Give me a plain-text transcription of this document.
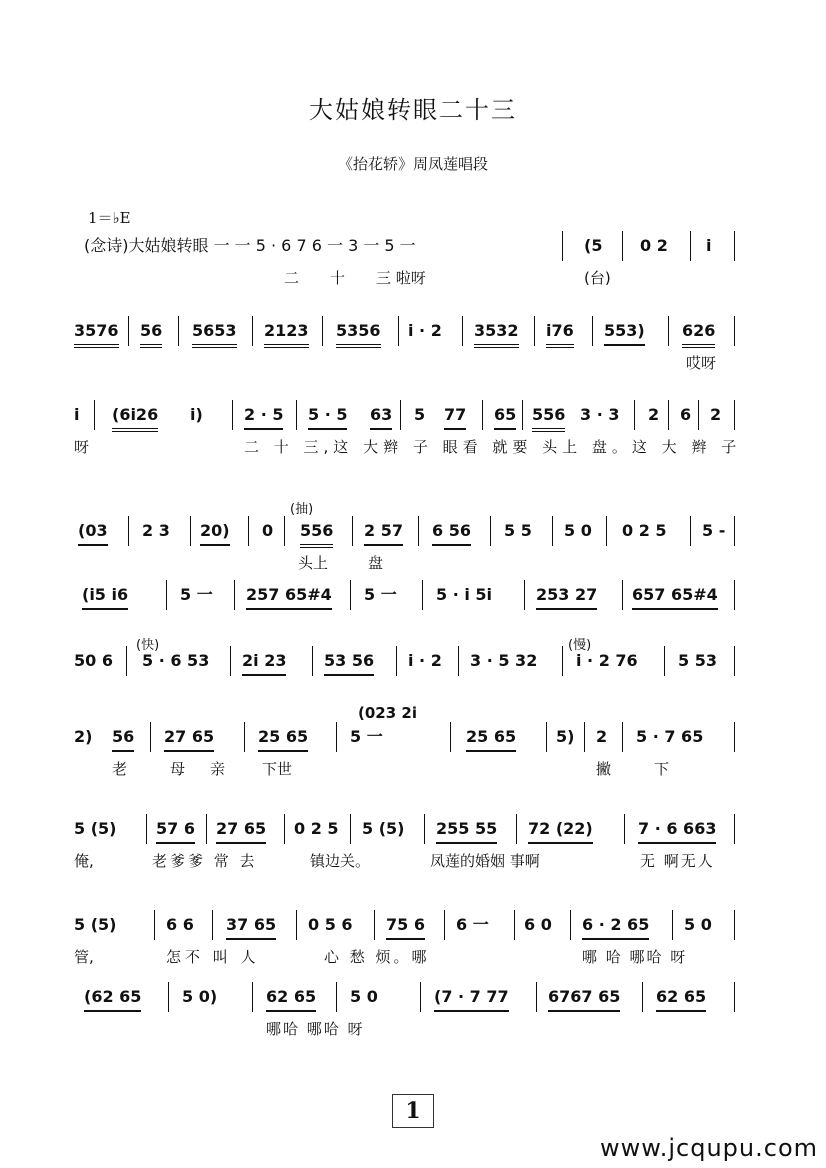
大姑娘转眼二十三
《抬花轿》周凤莲唱段
1＝♭E
(念诗)大姑娘转眼 一 一 5 · 6 7 6 一 3 一 5 一	(5 0 2 i
二 十 三 啦呀	(台)
3576 56 5653 2123 5356 i · 2 3532 i76 553) 626
哎呀
i (6i26 i)	2 · 5 5 · 5 63 5 77 65 556 3 · 3 2 6 2
呀	二 十 三,这 大辫 子 眼看 就要 头上 盘。这 大 辫 子
(03 2 3 20) 0 556 2 57 6 56 5 5 5 0 0 2 5 5 -
(抽)
头上	盘
(i5 i6	5 一 257 65#4 5 一 5 · i 5i	253 27 657 65#4
50 6 5 · 6 53 2i 23 53 56 i · 2 3 · 5 32 i · 2 76	5 53
(快)	(慢)
2) 56 27 65	25 65	5 一	25 65 5) 2 5 · 7 65
(023 2i
老	母 亲 下世	撇	下
5 (5) 57 6 27 65 0 2 5 5 (5) 255 55 72 (22)	7 · 6 663
俺,	老爹爹 常 去	镇边关。	凤莲的婚姻 事啊	无 啊无人
5 (5)	6 6 37 65 0 5 6 75 6 6 一 6 0 6 · 2 65 5 0
管,	怎不 叫 人	心 愁 烦。哪	哪 哈 哪哈 呀
(62 65	5 0)	62 65 5 0	(7 · 7 77 6767 65 62 65
哪哈 哪哈 呀
1
www.jcqupu.com
